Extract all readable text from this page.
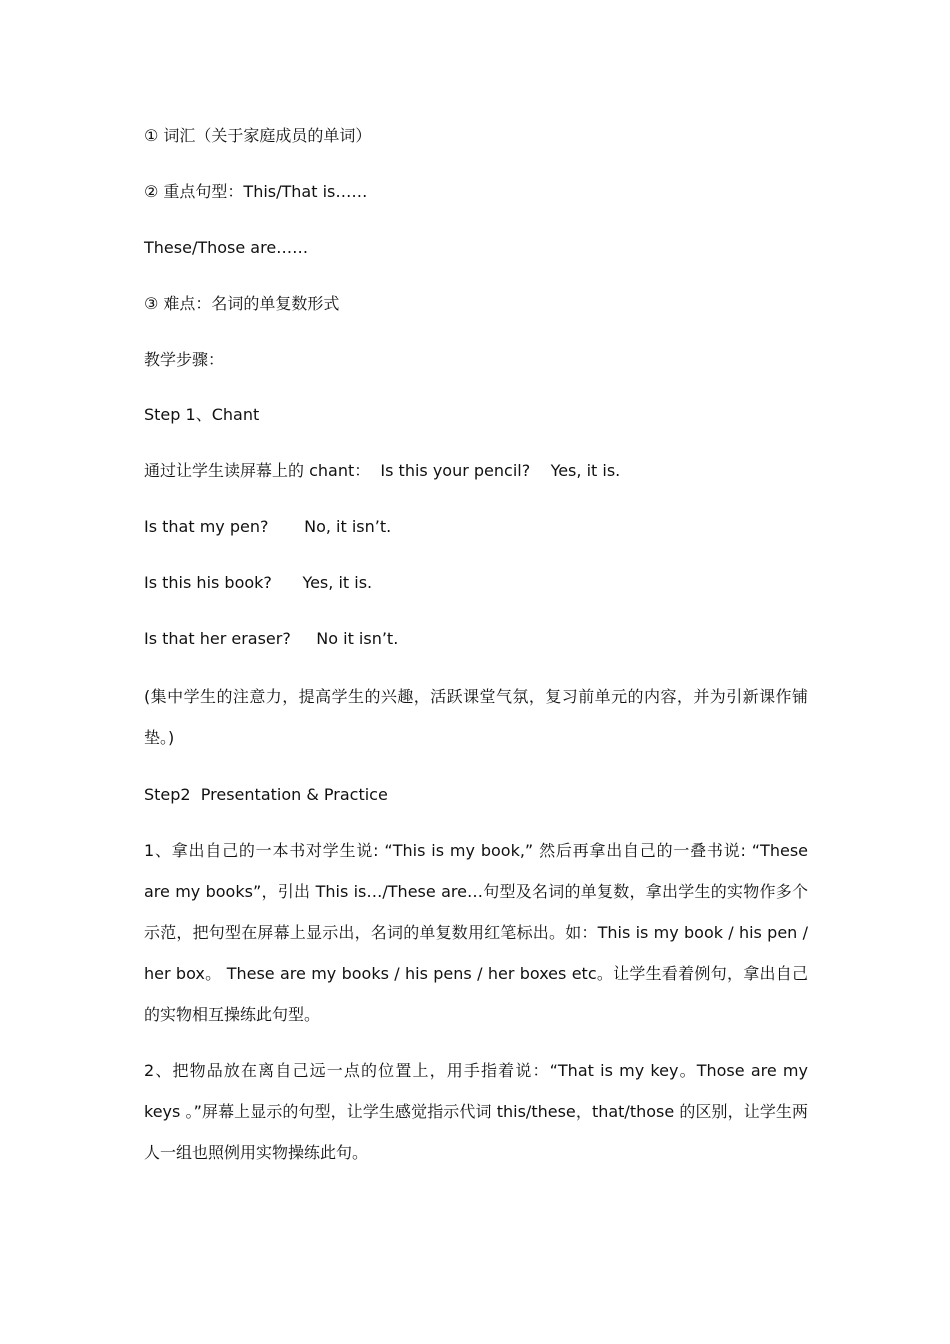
① 词汇（关于家庭成员的单词）
② 重点句型：This/That is……
These/Those are……
③ 难点：名词的单复数形式
教学步骤：
Step 1、Chant
通过让学生读屏幕上的 chant：  Is this your pencil?    Yes, it is.
Is that my pen?       No, it isn’t.
Is this his book?      Yes, it is.
Is that her eraser?     No it isn’t.
(集中学生的注意力，提高学生的兴趣，活跃课堂气氛，复习前单元的内容，并为引新课作铺垫。)
Step2  Presentation & Practice
1、拿出自己的一本书对学生说: “This is my book,” 然后再拿出自己的一叠书说: “These are my books”，引出 This is…/These are…句型及名词的单复数，拿出学生的实物作多个示范，把句型在屏幕上显示出，名词的单复数用红笔标出。如：This is my book / his pen / her box。 These are my books / his pens / her boxes etc。让学生看着例句，拿出自己的实物相互操练此句型。
2、把物品放在离自己远一点的位置上，用手指着说：“That is my key。Those are my keys 。”屏幕上显示的句型，让学生感觉指示代词 this/these，that/those 的区别，让学生两人一组也照例用实物操练此句。
